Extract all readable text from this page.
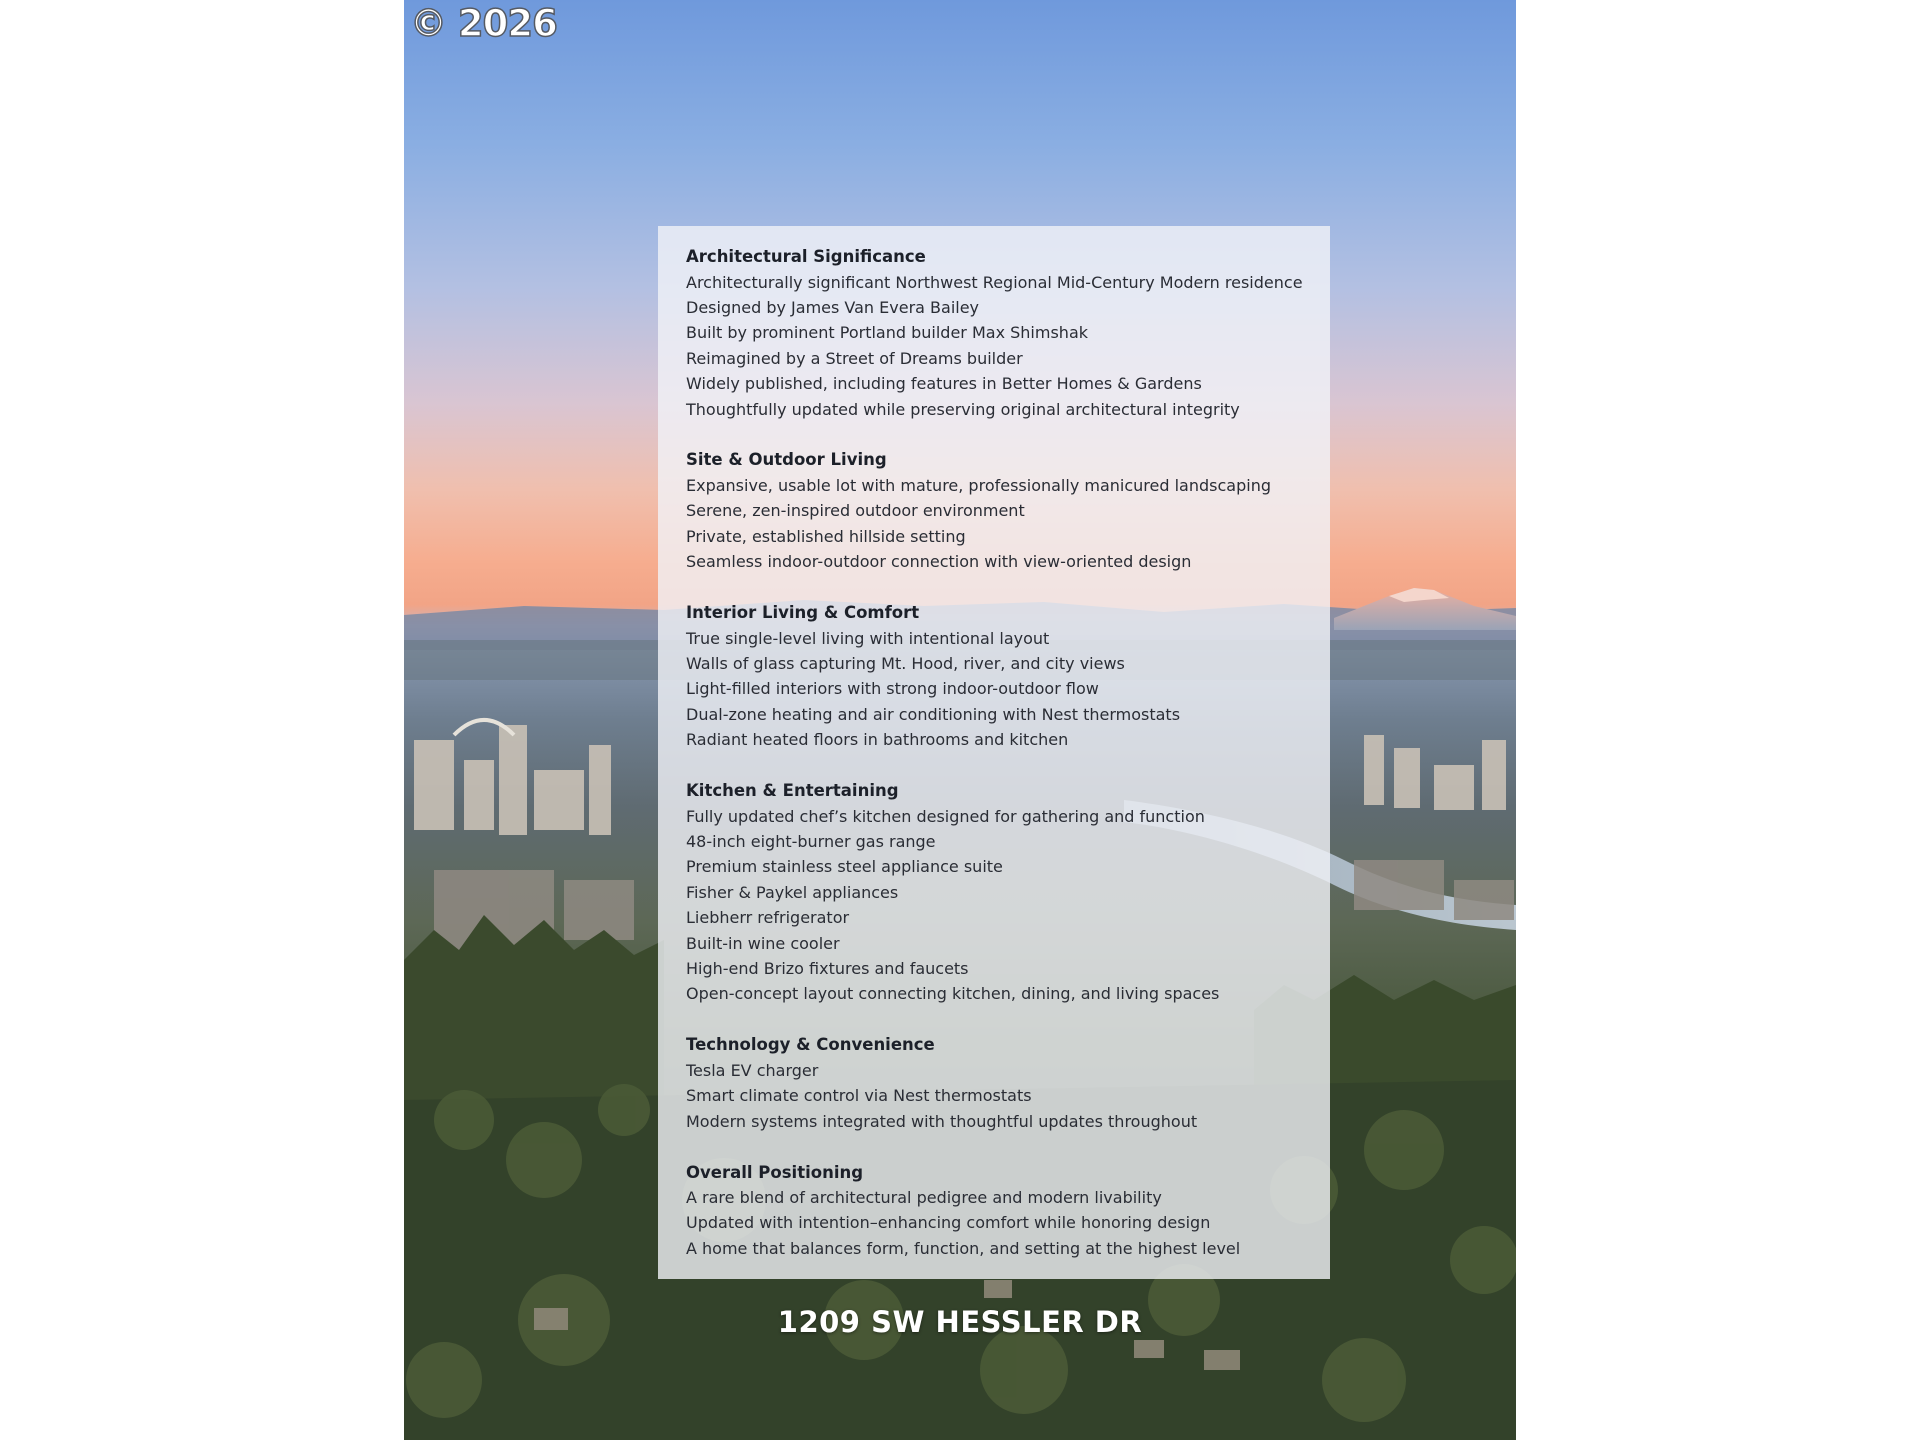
© 2026
Architectural Significance
Architecturally significant Northwest Regional Mid-Century Modern residence
Designed by James Van Evera Bailey
Built by prominent Portland builder Max Shimshak
Reimagined by a Street of Dreams builder
Widely published, including features in Better Homes & Gardens
Thoughtfully updated while preserving original architectural integrity
Site & Outdoor Living
Expansive, usable lot with mature, professionally manicured landscaping
Serene, zen-inspired outdoor environment
Private, established hillside setting
Seamless indoor-outdoor connection with view-oriented design
Interior Living & Comfort
True single-level living with intentional layout
Walls of glass capturing Mt. Hood, river, and city views
Light-filled interiors with strong indoor-outdoor flow
Dual-zone heating and air conditioning with Nest thermostats
Radiant heated floors in bathrooms and kitchen
Kitchen & Entertaining
Fully updated chef’s kitchen designed for gathering and function
48-inch eight-burner gas range
Premium stainless steel appliance suite
Fisher & Paykel appliances
Liebherr refrigerator
Built-in wine cooler
High-end Brizo fixtures and faucets
Open-concept layout connecting kitchen, dining, and living spaces
Technology & Convenience
Tesla EV charger
Smart climate control via Nest thermostats
Modern systems integrated with thoughtful updates throughout
Overall Positioning
A rare blend of architectural pedigree and modern livability
Updated with intention–enhancing comfort while honoring design
A home that balances form, function, and setting at the highest level
1209 SW HESSLER DR
